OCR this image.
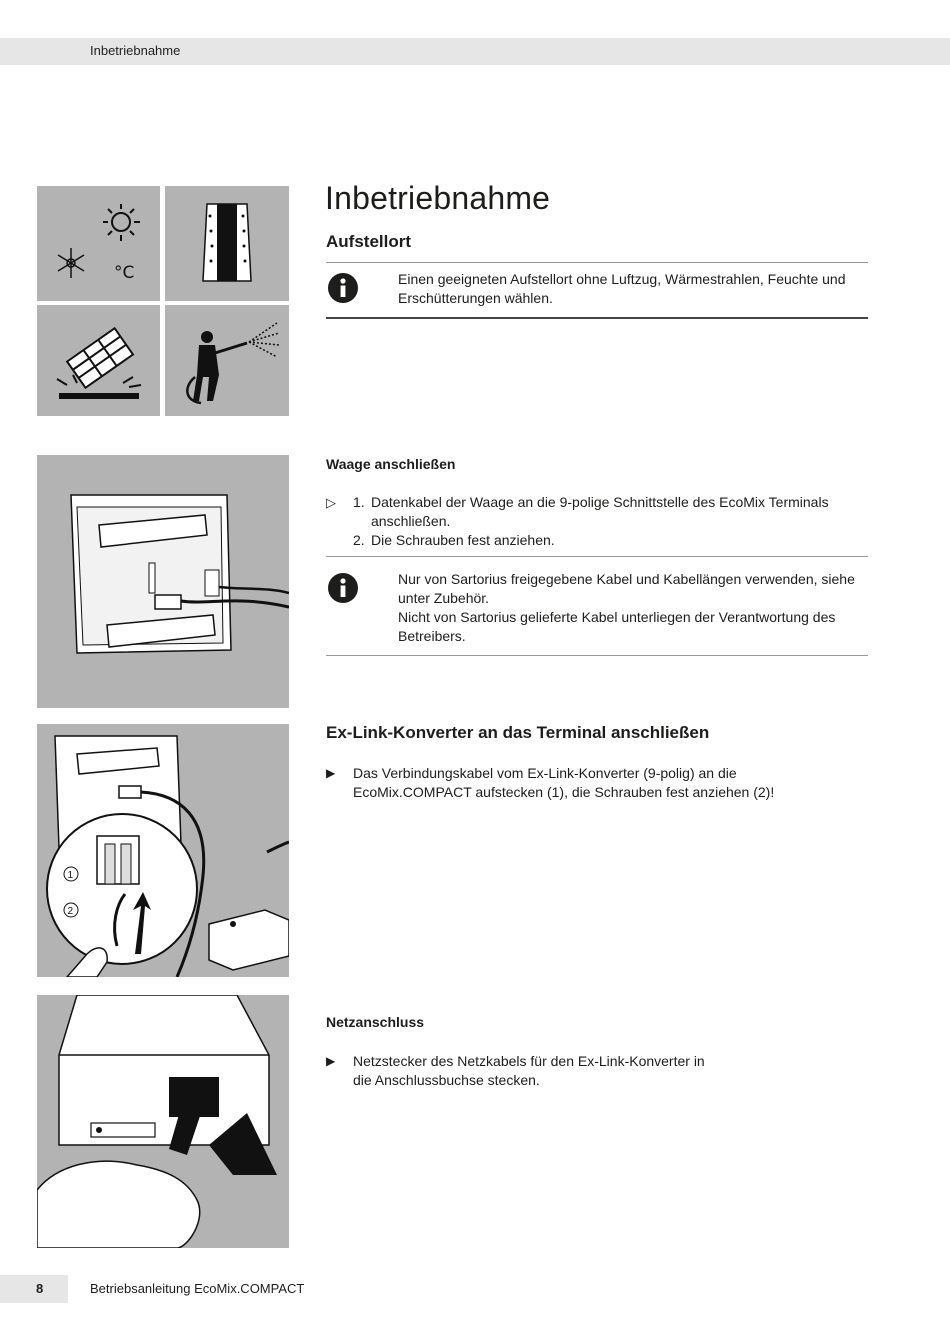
Inbetriebnahme
°C
Inbetriebnahme
Aufstellort
Einen geeigneten Aufstellort ohne Luftzug, Wärmestrahlen, Feuchte und Erschütterungen wählen.
Waage anschließen
▷ 1. Datenkabel der Waage an die 9-polige Schnittstelle des EcoMix Terminals anschließen.
2. Die Schrauben fest anziehen.
Nur von Sartorius freigegebene Kabel und Kabellängen verwenden, siehe unter Zubehör.
Nicht von Sartorius gelieferte Kabel unterliegen der Verantwortung des Betreibers.
1
2
Ex-Link-Konverter an das Terminal anschließen
▶ Das Verbindungskabel vom Ex-Link-Konverter (9-polig) an die EcoMix.COMPACT aufstecken (1), die Schrauben fest anziehen (2)!
Netzanschluss
▶ Netzstecker des Netzkabels für den Ex-Link-Konverter in die Anschlussbuchse stecken.
8	Betriebsanleitung EcoMix.COMPACT
